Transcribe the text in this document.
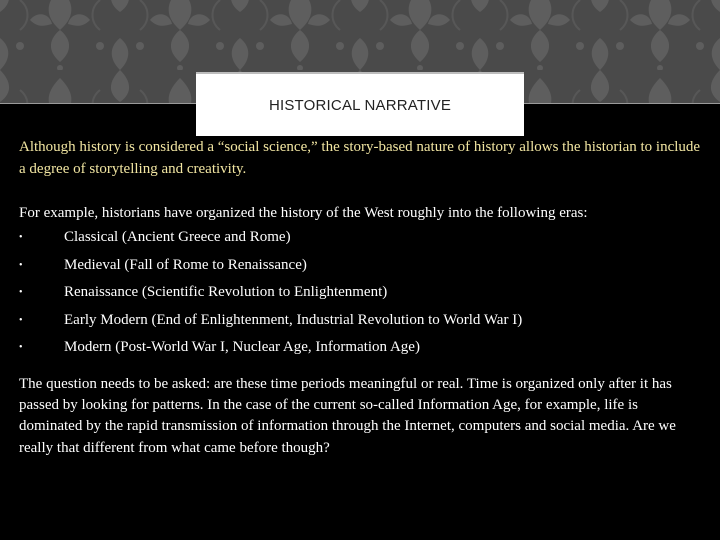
HISTORICAL NARRATIVE

Although history is considered a “social science,” the story-based nature of history allows the historian to include a degree of storytelling and creativity.

For example, historians have organized the history of the West roughly into the following eras:

•	Classical (Ancient Greece and Rome)
•	Medieval (Fall of Rome to Renaissance)
•	Renaissance (Scientific Revolution to Enlightenment)
•	Early Modern (End of Enlightenment, Industrial Revolution to World War I)
•	Modern (Post-World War I, Nuclear Age, Information Age)

The question needs to be asked: are these time periods meaningful or real. Time is organized only after it has passed by looking for patterns. In the case of the current so-called Information Age, for example, life is dominated by the rapid transmission of information through the Internet, computers and social media. Are we really that different from what came before though?
